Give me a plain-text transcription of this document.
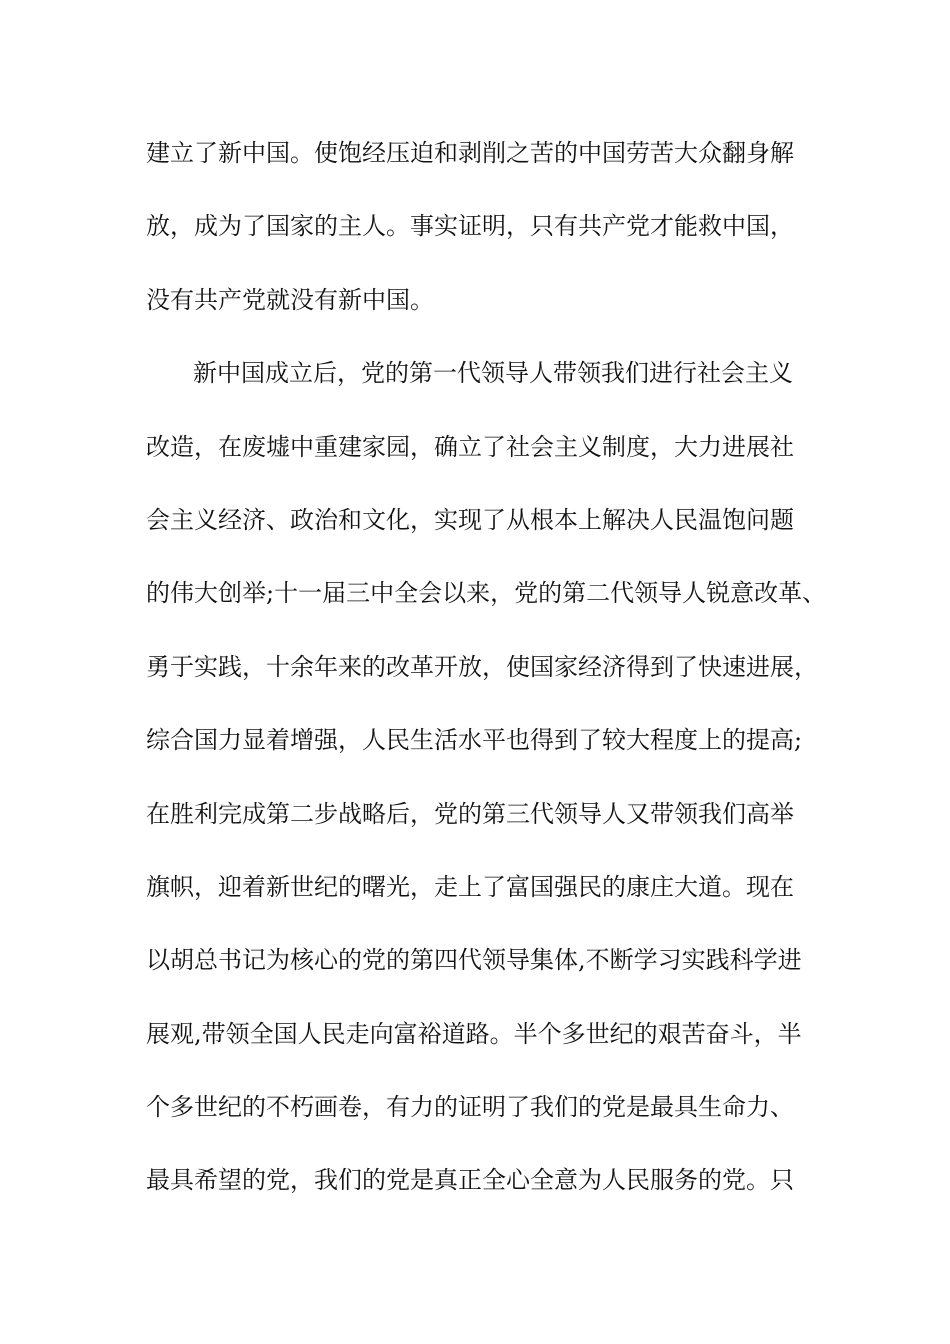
建立了新中国。使饱经压迫和剥削之苦的中国劳苦大众翻身解
放，成为了国家的主人。事实证明，只有共产党才能救中国，
没有共产党就没有新中国。
新中国成立后，党的第一代领导人带领我们进行社会主义
改造，在废墟中重建家园，确立了社会主义制度，大力进展社
会主义经济、政治和文化，实现了从根本上解决人民温饱问题
的伟大创举;十一届三中全会以来，党的第二代领导人锐意改革、
勇于实践，十余年来的改革开放，使国家经济得到了快速进展，
综合国力显着增强，人民生活水平也得到了较大程度上的提高;
在胜利完成第二步战略后，党的第三代领导人又带领我们高举
旗帜，迎着新世纪的曙光，走上了富国强民的康庄大道。现在
以胡总书记为核心的党的第四代领导集体,不断学习实践科学进
展观,带领全国人民走向富裕道路。半个多世纪的艰苦奋斗，半
个多世纪的不朽画卷，有力的证明了我们的党是最具生命力、
最具希望的党，我们的党是真正全心全意为人民服务的党。只
